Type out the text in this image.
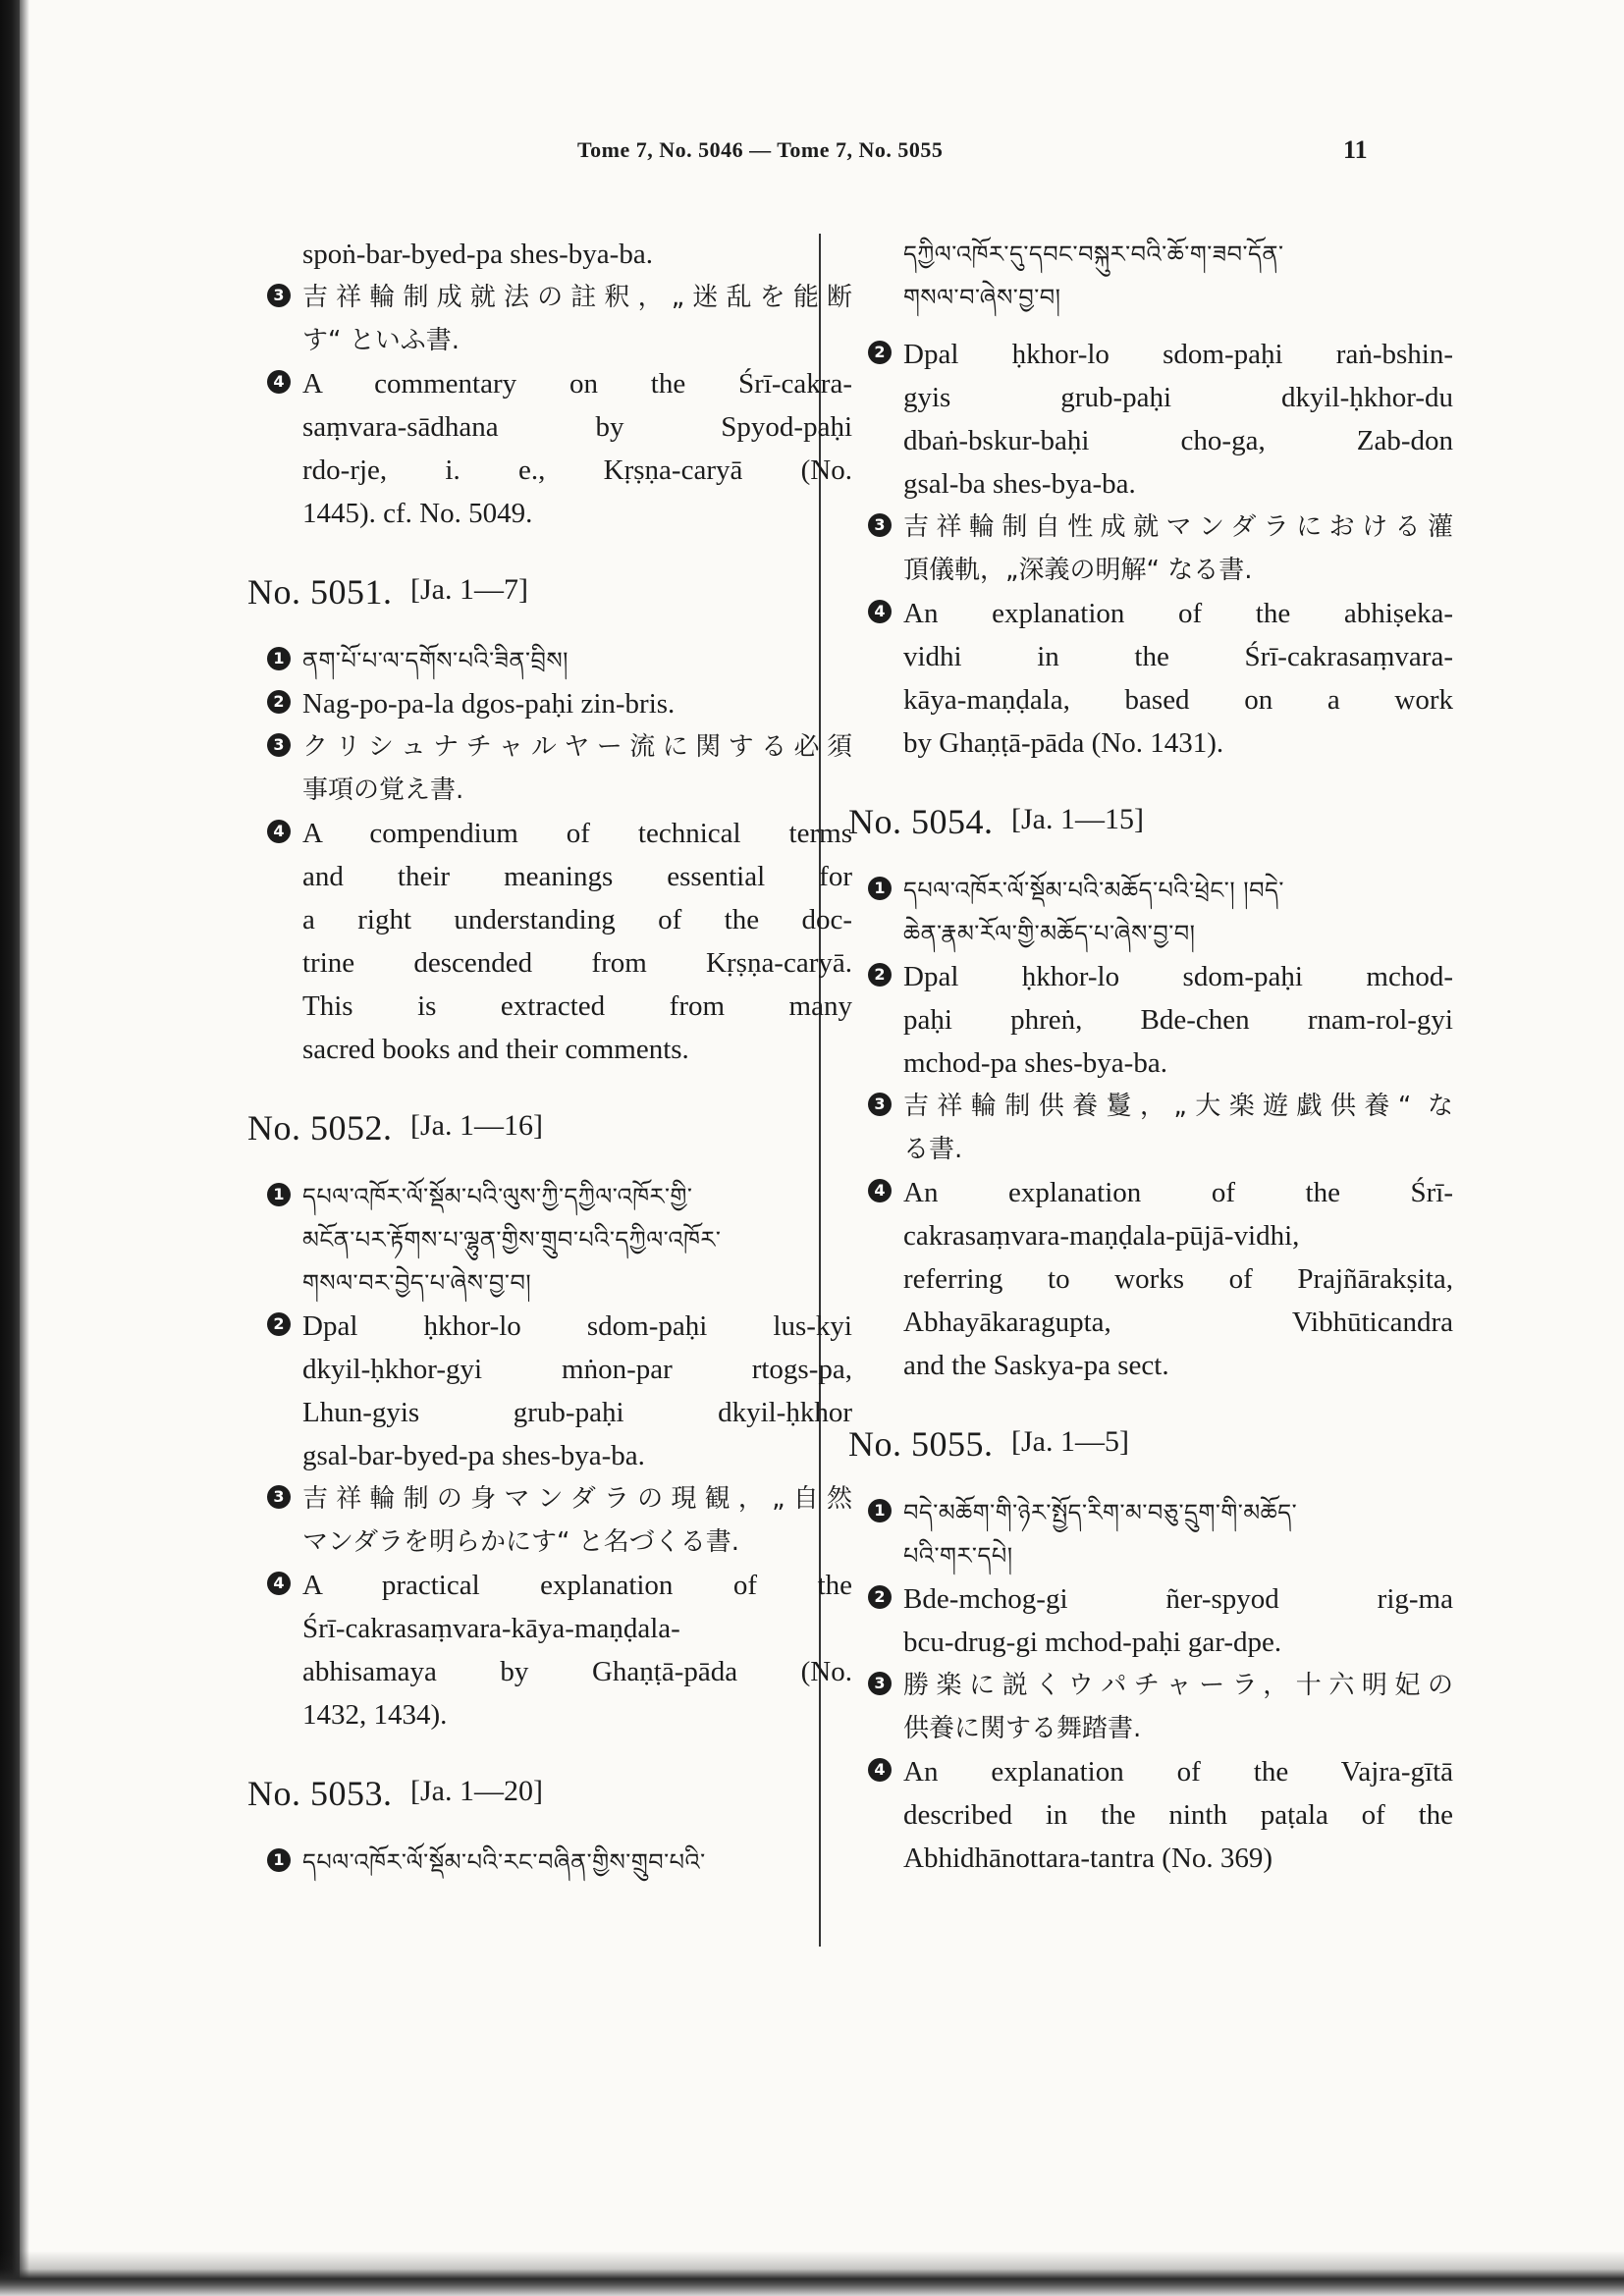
Tome 7, No. 5046 — Tome 7, No. 5055	11
spoṅ-bar-byed-pa shes-bya-ba.
3 吉祥輪制成就法の註釈，„迷乱を能断
す“ といふ書.
4 A commentary on the Śrī-cakra-
saṃvara-sādhana by Spyod-paḥi
rdo-rje, i. e., Kṛṣṇa-caryā (No.
1445). cf. No. 5049.
No. 5051. [Ja. 1—7]
1 ནག་པོ་པ་ལ་དགོས་པའི་ཟིན་བྲིས།
2 Nag-po-pa-la dgos-paḥi zin-bris.
3 クリシュナチャルヤー流に関する必須
事項の覚え書.
4 A compendium of technical terms
and their meanings essential for
a right understanding of the doc-
trine descended from Kṛṣṇa-caryā.
This is extracted from many
sacred books and their comments.
No. 5052. [Ja. 1—16]
1 དཔལ་འཁོར་ལོ་སྡོམ་པའི་ལུས་ཀྱི་དཀྱིལ་འཁོར་གྱི་
མངོན་པར་རྟོགས་པ་ལྷུན་གྱིས་གྲུབ་པའི་དཀྱིལ་འཁོར་
གསལ་བར་བྱེད་པ་ཞེས་བྱ་བ།
2 Dpal ḥkhor-lo sdom-paḥi lus-kyi
dkyil-ḥkhor-gyi mṅon-par rtogs-pa,
Lhun-gyis grub-paḥi dkyil-ḥkhor
gsal-bar-byed-pa shes-bya-ba.
3 吉祥輪制の身マンダラの現観，„自然
マンダラを明らかにす“ と名づくる書.
4 A practical explanation of the
Śrī-cakrasaṃvara-kāya-maṇḍala-
abhisamaya by Ghaṇṭā-pāda (No.
1432, 1434).
No. 5053. [Ja. 1—20]
1 དཔལ་འཁོར་ལོ་སྡོམ་པའི་རང་བཞིན་གྱིས་གྲུབ་པའི་
དཀྱིལ་འཁོར་དུ་དབང་བསྐུར་བའི་ཆོ་ག་ཟབ་དོན་
གསལ་བ་ཞེས་བྱ་བ།
2 Dpal ḥkhor-lo sdom-paḥi raṅ-bshin-
gyis grub-paḥi dkyil-ḥkhor-du
dbaṅ-bskur-baḥi cho-ga, Zab-don
gsal-ba shes-bya-ba.
3 吉祥輪制自性成就マンダラにおける灌
頂儀軌，„深義の明解“ なる書.
4 An explanation of the abhiṣeka-
vidhi in the Śrī-cakrasaṃvara-
kāya-maṇḍala, based on a work
by Ghaṇṭā-pāda (No. 1431).
No. 5054. [Ja. 1—15]
1 དཔལ་འཁོར་ལོ་སྡོམ་པའི་མཆོད་པའི་ཕྲེང་། །བདེ་
ཆེན་རྣམ་རོལ་གྱི་མཆོད་པ་ཞེས་བྱ་བ།
2 Dpal ḥkhor-lo sdom-paḥi mchod-
paḥi phreṅ, Bde-chen rnam-rol-gyi
mchod-pa shes-bya-ba.
3 吉祥輪制供養鬘，„大楽遊戯供養“ な
る書.
4 An explanation of the Śrī-
cakrasaṃvara-maṇḍala-pūjā-vidhi,
referring to works of Prajñārakṣita,
Abhayākaragupta, Vibhūticandra
and the Saskya-pa sect.
No. 5055. [Ja. 1—5]
1 བདེ་མཆོག་གི་ཉེར་སྤྱོད་རིག་མ་བཅུ་དྲུག་གི་མཆོད་
པའི་གར་དཔེ།
2 Bde-mchog-gi ñer-spyod rig-ma
bcu-drug-gi mchod-paḥi gar-dpe.
3 勝楽に説くウパチャーラ，十六明妃の
供養に関する舞踏書.
4 An explanation of the Vajra-gītā
described in the ninth paṭala of the
Abhidhānottara-tantra (No. 369)
